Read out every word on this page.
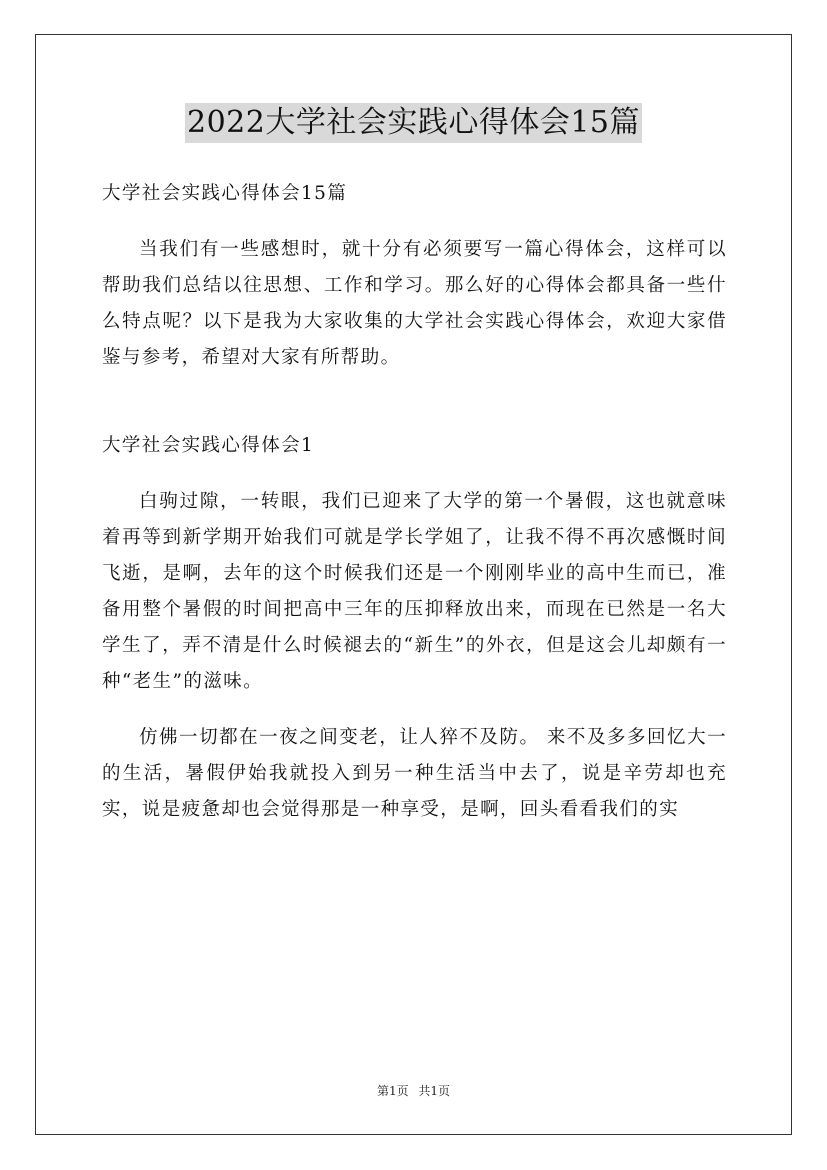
2022大学社会实践心得体会15篇

大学社会实践心得体会15篇

当我们有一些感想时，就十分有必须要写一篇心得体会，这样可以帮助我们总结以往思想、工作和学习。那么好的心得体会都具备一些什么特点呢？以下是我为大家收集的大学社会实践心得体会，欢迎大家借鉴与参考，希望对大家有所帮助。

大学社会实践心得体会1

白驹过隙，一转眼，我们已迎来了大学的第一个暑假，这也就意味着再等到新学期开始我们可就是学长学姐了，让我不得不再次感慨时间飞逝，是啊，去年的这个时候我们还是一个刚刚毕业的高中生而已，准备用整个暑假的时间把高中三年的压抑释放出来，而现在已然是一名大学生了，弄不清是什么时候褪去的“新生”的外衣，但是这会儿却颇有一种“老生”的滋味。

仿佛一切都在一夜之间变老，让人猝不及防。 来不及多多回忆大一的生活，暑假伊始我就投入到另一种生活当中去了，说是辛劳却也充实，说是疲惫却也会觉得那是一种享受，是啊，回头看看我们的实

第1页 共1页
